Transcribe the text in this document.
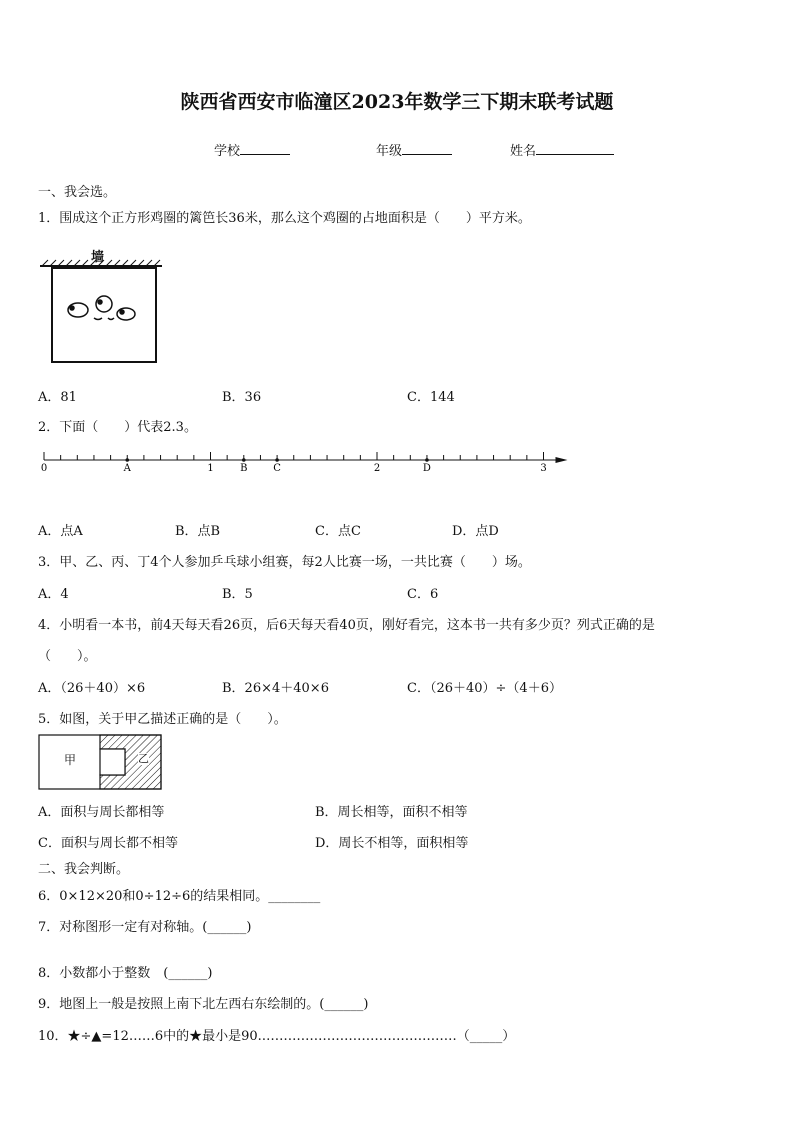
陕西省西安市临潼区2023年数学三下期末联考试题
学校	年级	姓名
一、我会选。
1．围成这个正方形鸡圈的篱笆长36米，那么这个鸡圈的占地面积是（　　）平方米。
墙
A．81	B．36	C．144
2．下面（　　）代表2.3。
0	1	2	3
A	B	C	D
A．点A	B．点B	C．点C	D．点D
3．甲、乙、丙、丁4个人参加乒乓球小组赛，每2人比赛一场，一共比赛（　　）场。
A．4	B．5	C．6
4．小明看一本书，前4天每天看26页，后6天每天看40页，刚好看完，这本书一共有多少页？列式正确的是
（　　）。
A．（26＋40）×6	B．26×4＋40×6	C．（26＋40）÷（4＋6）
5．如图，关于甲乙描述正确的是（　　）。
甲	乙
A．面积与周长都相等	B．周长相等，面积不相等
C．面积与周长都不相等	D．周长不相等，面积相等
二、我会判断。
6．0×12×20和0÷12÷6的结果相同。________
7．对称图形一定有对称轴。(______)
8．小数都小于整数　(______)
9．地图上一般是按照上南下北左西右东绘制的。(______)
10．★÷▲=12……6中的★最小是90.………………………………………（_____）
